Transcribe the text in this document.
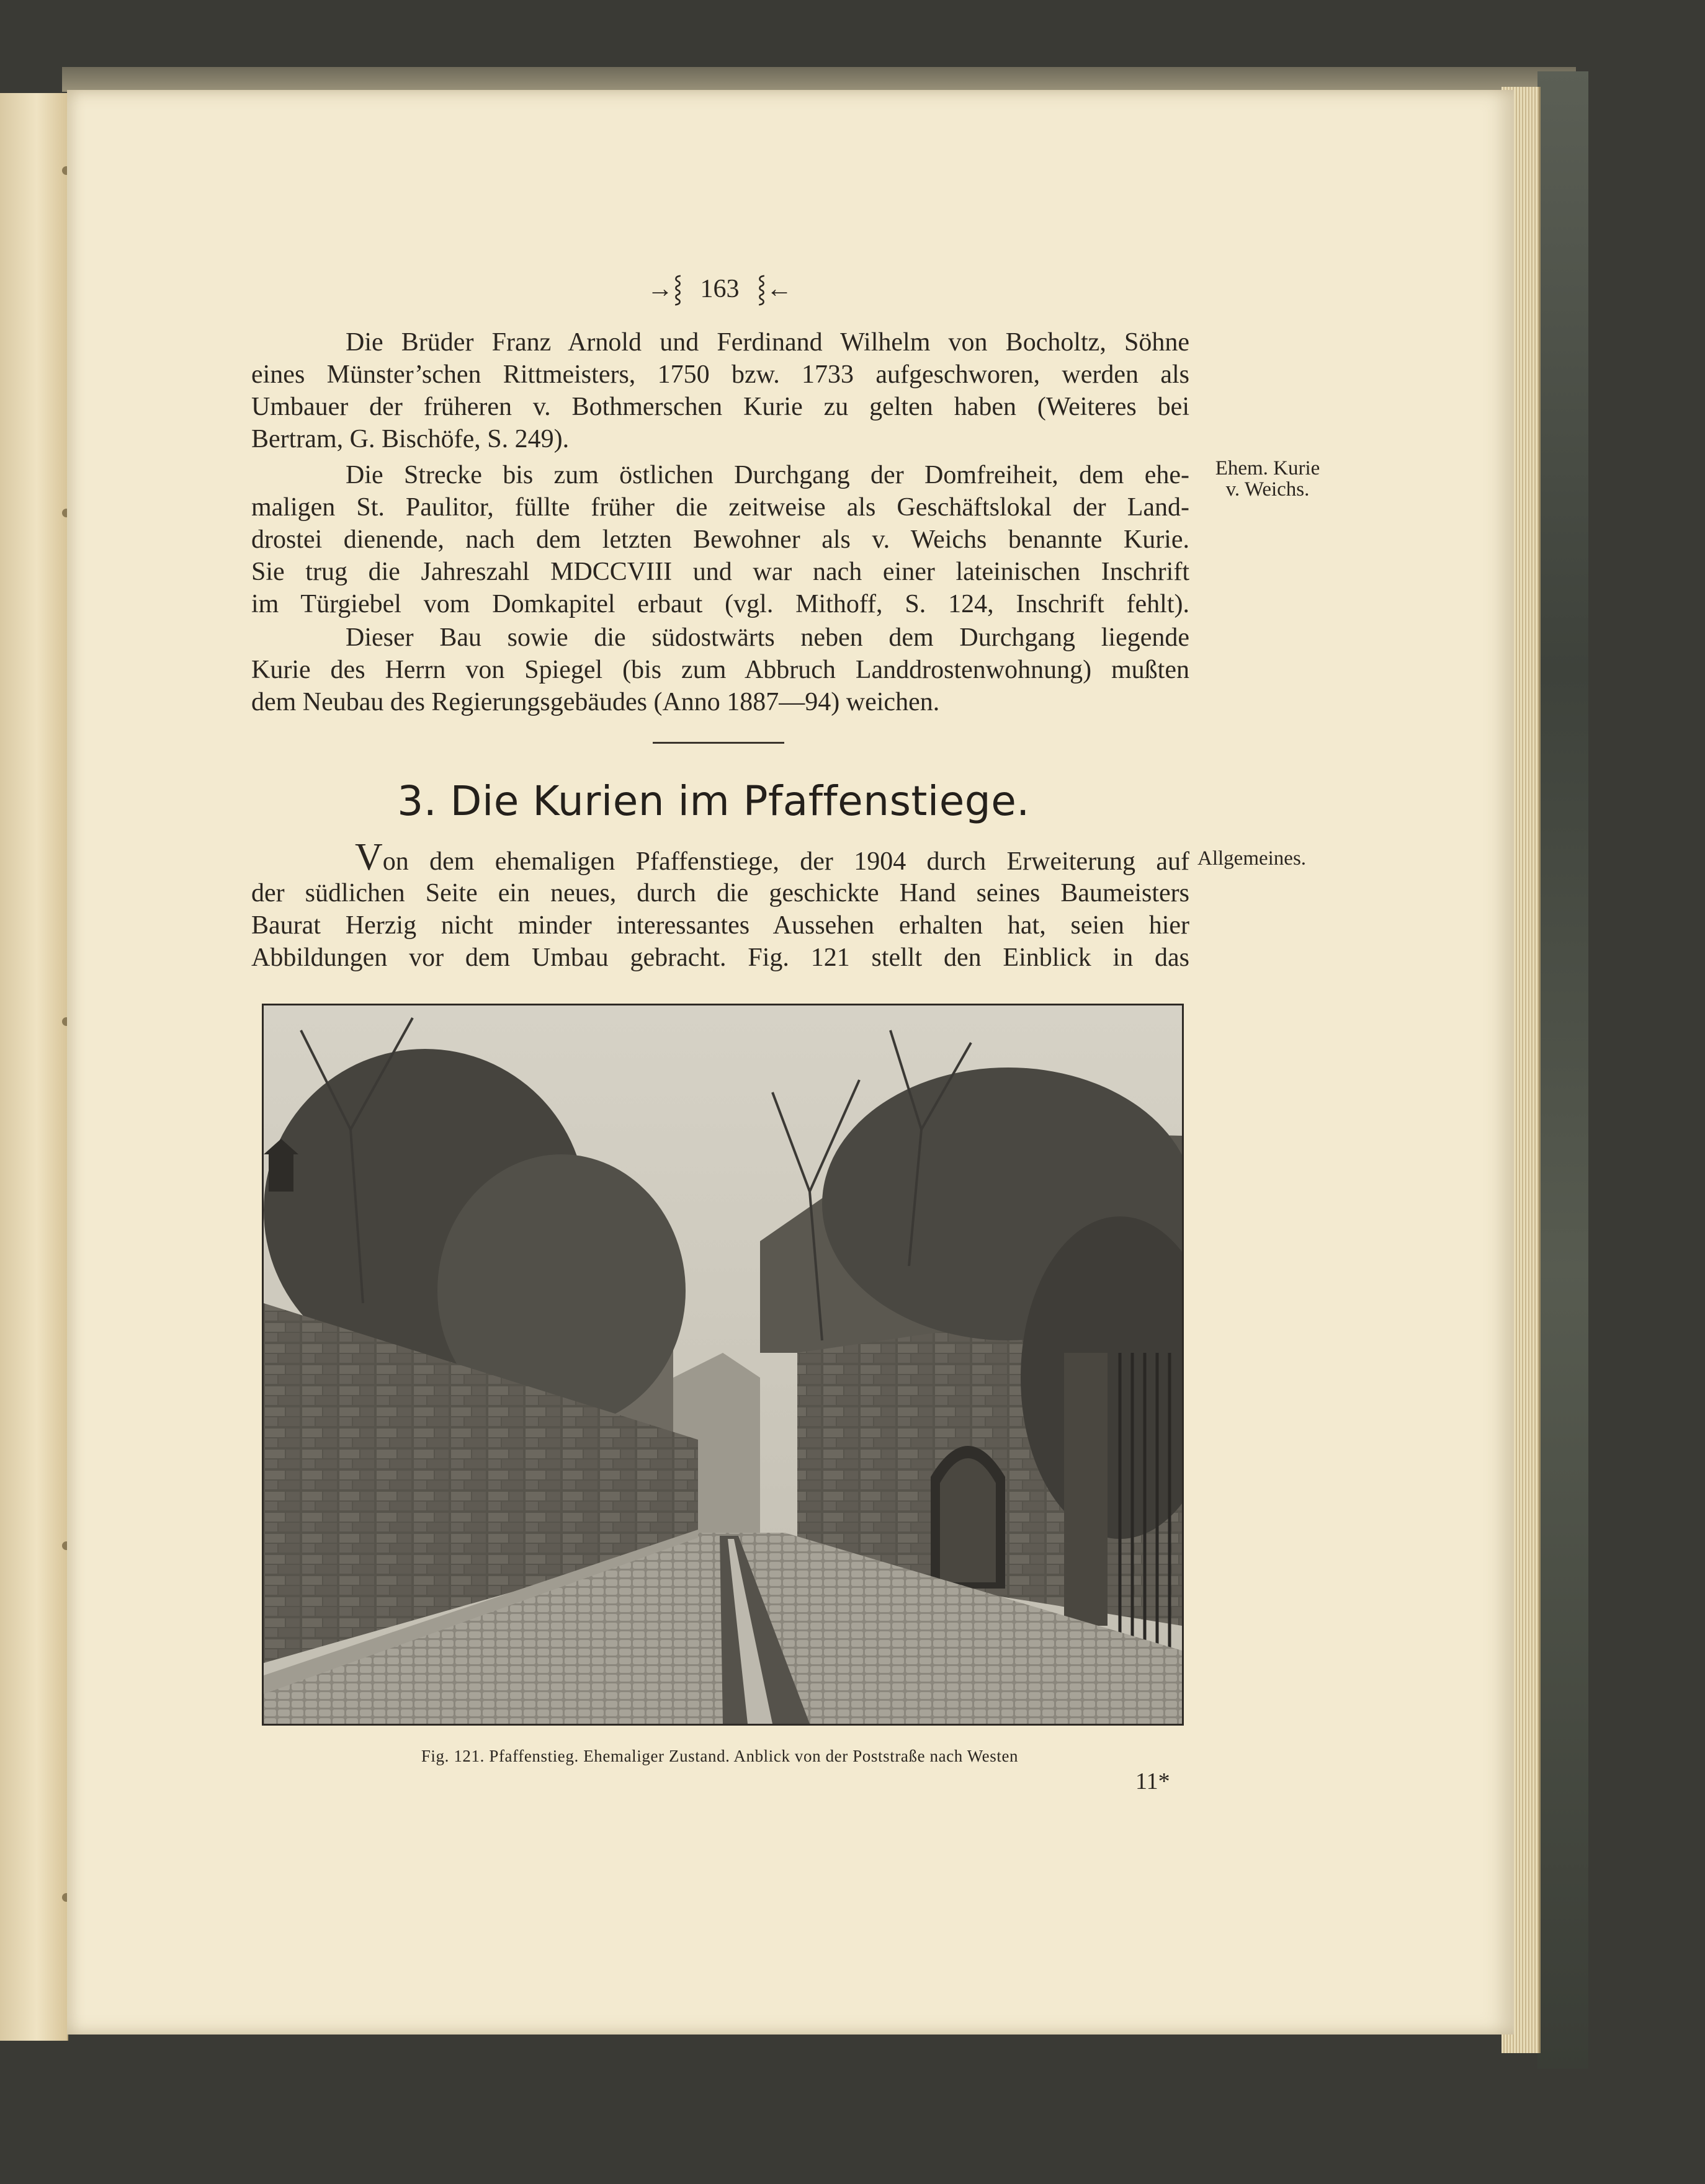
→⸾ 163 ⸾←
Die Brüder Franz Arnold und Ferdinand Wilhelm von Bocholtz, Söhne
eines Münster’schen Rittmeisters, 1750 bzw. 1733 aufgeschworen, werden als
Umbauer der früheren v. Bothmerschen Kurie zu gelten haben (Weiteres bei
Bertram, G. Bischöfe, S. 249).
Die Strecke bis zum östlichen Durchgang der Domfreiheit, dem ehe-
maligen St. Paulitor, füllte früher die zeitweise als Geschäftslokal der Land-
drostei dienende, nach dem letzten Bewohner als v. Weichs benannte Kurie.
Sie trug die Jahreszahl MDCCVIII und war nach einer lateinischen Inschrift
im Türgiebel vom Domkapitel erbaut (vgl. Mithoff, S. 124, Inschrift fehlt).
Dieser Bau sowie die südostwärts neben dem Durchgang liegende
Kurie des Herrn von Spiegel (bis zum Abbruch Landdrostenwohnung) mußten
dem Neubau des Regierungsgebäudes (Anno 1887—94) weichen.
Ehem. Kurie
v. Weichs.
Allgemeines.
3. Die Kurien im Pfaffenstiege.
Von dem ehemaligen Pfaffenstiege, der 1904 durch Erweiterung auf
der südlichen Seite ein neues, durch die geschickte Hand seines Baumeisters
Baurat Herzig nicht minder interessantes Aussehen erhalten hat, seien hier
Abbildungen vor dem Umbau gebracht. Fig. 121 stellt den Einblick in das
Fig. 121. Pfaffenstieg. Ehemaliger Zustand. Anblick von der Poststraße nach Westen
11*
